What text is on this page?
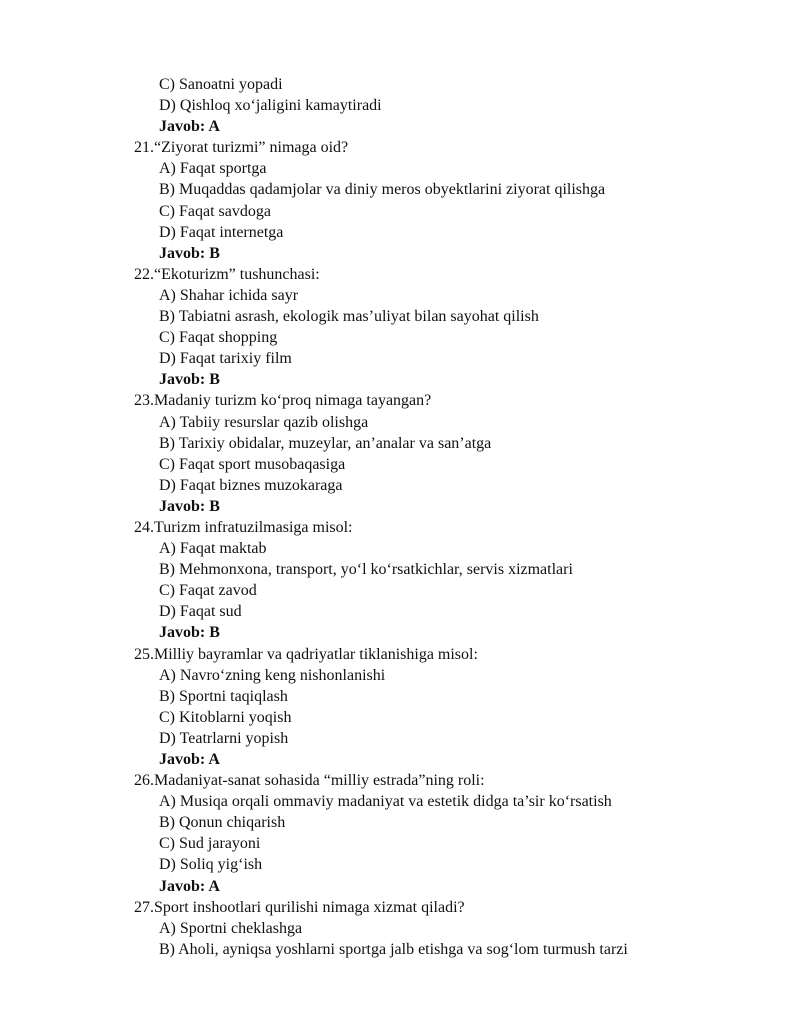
C) Sanoatni yopadi
D) Qishloq xo‘jaligini kamaytiradi
Javob: A
21. “Ziyorat turizmi” nimaga oid?
A) Faqat sportga
B) Muqaddas qadamjolar va diniy meros obyektlarini ziyorat qilishga
C) Faqat savdoga
D) Faqat internetga
Javob: B
22. “Ekoturizm” tushunchasi:
A) Shahar ichida sayr
B) Tabiatni asrash, ekologik mas’uliyat bilan sayohat qilish
C) Faqat shopping
D) Faqat tarixiy film
Javob: B
23. Madaniy turizm ko‘proq nimaga tayangan?
A) Tabiiy resurslar qazib olishga
B) Tarixiy obidalar, muzeylar, an’analar va san’atga
C) Faqat sport musobaqasiga
D) Faqat biznes muzokaraga
Javob: B
24. Turizm infratuzilmasiga misol:
A) Faqat maktab
B) Mehmonxona, transport, yo‘l ko‘rsatkichlar, servis xizmatlari
C) Faqat zavod
D) Faqat sud
Javob: B
25. Milliy bayramlar va qadriyatlar tiklanishiga misol:
A) Navro‘zning keng nishonlanishi
B) Sportni taqiqlash
C) Kitoblarni yoqish
D) Teatrlarni yopish
Javob: A
26. Madaniyat-sanat sohasida “milliy estrada”ning roli:
A) Musiqa orqali ommaviy madaniyat va estetik didga ta’sir ko‘rsatish
B) Qonun chiqarish
C) Sud jarayoni
D) Soliq yig‘ish
Javob: A
27. Sport inshootlari qurilishi nimaga xizmat qiladi?
A) Sportni cheklashga
B) Aholi, ayniqsa yoshlarni sportga jalb etishga va sog‘lom turmush tarzi
